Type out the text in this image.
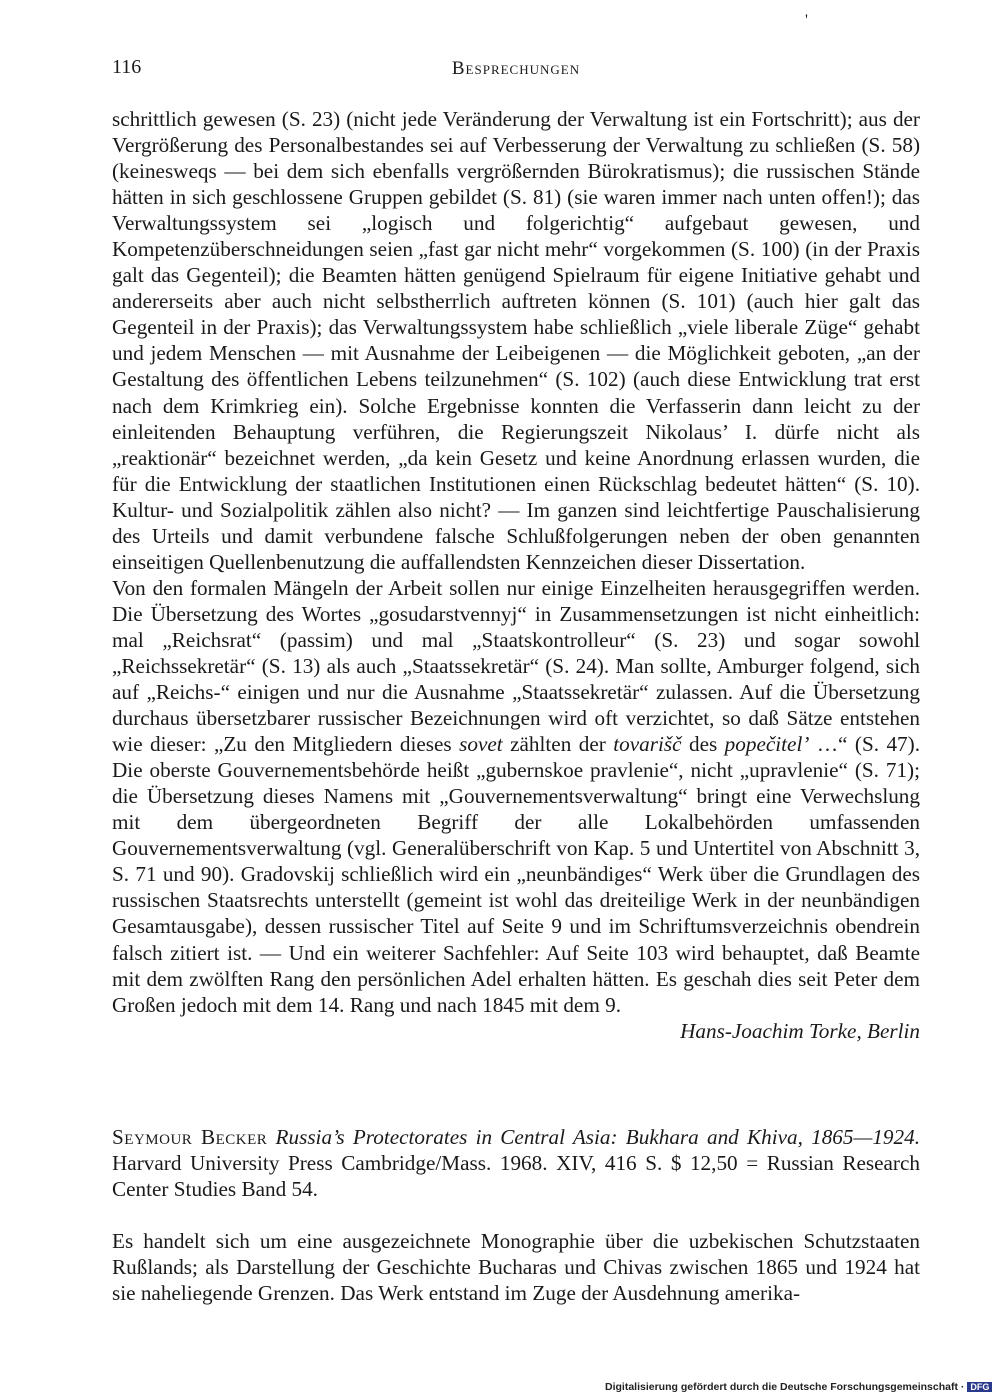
'
116	Besprechungen

schrittlich gewesen (S. 23) (nicht jede Veränderung der Verwaltung ist ein Fortschritt); aus der Vergrößerung des Personalbestandes sei auf Verbesserung der Verwaltung zu schließen (S. 58) (keinesweqs — bei dem sich ebenfalls vergrößernden Bürokratismus); die russischen Stände hätten in sich geschlossene Gruppen gebildet (S. 81) (sie waren immer nach unten offen!); das Verwaltungssystem sei „logisch und folgerichtig“ aufgebaut gewesen, und Kompetenzüberschneidungen seien „fast gar nicht mehr“ vorgekommen (S. 100) (in der Praxis galt das Gegenteil); die Beamten hätten genügend Spielraum für eigene Initiative gehabt und andererseits aber auch nicht selbstherrlich auftreten können (S. 101) (auch hier galt das Gegenteil in der Praxis); das Verwaltungssystem habe schließlich „viele liberale Züge“ gehabt und jedem Menschen — mit Ausnahme der Leibeigenen — die Möglichkeit geboten, „an der Gestaltung des öffentlichen Lebens teilzunehmen“ (S. 102) (auch diese Entwicklung trat erst nach dem Krimkrieg ein). Solche Ergebnisse konnten die Verfasserin dann leicht zu der einleitenden Behauptung verführen, die Regierungszeit Nikolaus’ I. dürfe nicht als „reaktionär“ bezeichnet werden, „da kein Gesetz und keine Anordnung erlassen wurden, die für die Entwicklung der staatlichen Institutionen einen Rückschlag bedeutet hätten“ (S. 10). Kultur- und Sozialpolitik zählen also nicht? — Im ganzen sind leichtfertige Pauschalisierung des Urteils und damit verbundene falsche Schlußfolgerungen neben der oben genannten einseitigen Quellenbenutzung die auffallendsten Kennzeichen dieser Dissertation.

Von den formalen Mängeln der Arbeit sollen nur einige Einzelheiten herausgegriffen werden. Die Übersetzung des Wortes „gosudarstvennyj“ in Zusammensetzungen ist nicht einheitlich: mal „Reichsrat“ (passim) und mal „Staatskontrolleur“ (S. 23) und sogar sowohl „Reichssekretär“ (S. 13) als auch „Staatssekretär“ (S. 24). Man sollte, Amburger folgend, sich auf „Reichs-“ einigen und nur die Ausnahme „Staatssekretär“ zulassen. Auf die Übersetzung durchaus übersetzbarer russischer Bezeichnungen wird oft verzichtet, so daß Sätze entstehen wie dieser: „Zu den Mitgliedern dieses sovet zählten der tovarišč des popečitel’ …“ (S. 47). Die oberste Gouvernementsbehörde heißt „gubernskoe pravlenie“, nicht „upravlenie“ (S. 71); die Übersetzung dieses Namens mit „Gouvernementsverwaltung“ bringt eine Verwechslung mit dem übergeordneten Begriff der alle Lokalbehörden umfassenden Gouvernementsverwaltung (vgl. Generalüberschrift von Kap. 5 und Untertitel von Abschnitt 3, S. 71 und 90). Gradovskij schließlich wird ein „neunbändiges“ Werk über die Grundlagen des russischen Staatsrechts unterstellt (gemeint ist wohl das dreiteilige Werk in der neunbändigen Gesamtausgabe), dessen russischer Titel auf Seite 9 und im Schriftumsverzeichnis obendrein falsch zitiert ist. — Und ein weiterer Sachfehler: Auf Seite 103 wird behauptet, daß Beamte mit dem zwölften Rang den persönlichen Adel erhalten hätten. Es geschah dies seit Peter dem Großen jedoch mit dem 14. Rang und nach 1845 mit dem 9.

Hans-Joachim Torke, Berlin

Seymour Becker Russia’s Protectorates in Central Asia: Bukhara and Khiva, 1865—1924. Harvard University Press Cambridge/Mass. 1968. XIV, 416 S. $ 12,50 = Russian Research Center Studies Band 54.

Es handelt sich um eine ausgezeichnete Monographie über die uzbekischen Schutzstaaten Rußlands; als Darstellung der Geschichte Bucharas und Chivas zwischen 1865 und 1924 hat sie naheliegende Grenzen. Das Werk entstand im Zuge der Ausdehnung amerika-

Digitalisierung gefördert durch die Deutsche Forschungsgemeinschaft · DFG
